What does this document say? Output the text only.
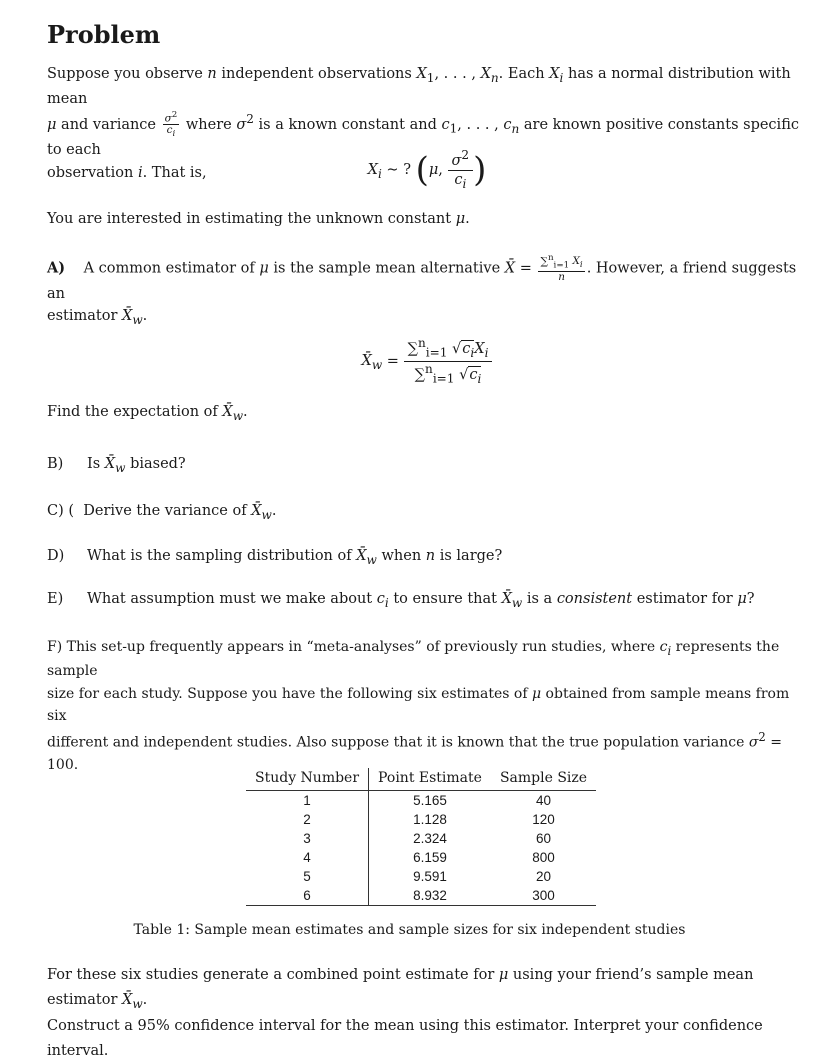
Problem
Suppose you observe n independent observations $X_1$, . . . , $X_n$. Each $X_i$ has a normal distribution with mean
μ and variance $\frac{\sigma^2}{c_i}$ where $\sigma^2$ is a known constant and $c_1$, . . . , $c_n$ are known positive constants specific to each
observation i. That is,	$X_i$ ∼ ? (μ, $\frac{\sigma^2}{c_i}$ )
You are interested in estimating the unknown constant μ.
A) A common estimator of μ is the sample mean alternative X̄ = $\frac{\sum^n_{i=1} X_i}{n}$ . However, a friend suggests an
estimator $X̄_w$.
$X̄_w = \frac{\sum^n_{i=1} √c_iX_i}{\sum^n_{i=1} √c_i}$
Find the expectation of $X̄_w$.
B) Is $X̄_w$ biased?
C) ( Derive the variance of $X̄_w$.
D) What is the sampling distribution of $X̄_w$ when n is large?
E) What assumption must we make about $c_i$ to ensure that $X̄_w$ is a consistent estimator for μ?
F) This set-up frequently appears in “meta-analyses” of previously run studies, where $c_i$ represents the sample
size for each study. Suppose you have the following six estimates of μ obtained from sample means from six
different and independent studies. Also suppose that it is known that the true population variance $\sigma^2 = 100$.
Study Number	Point Estimate	Sample Size
1	5.165	40
2	1.128	120
3	2.324	60
4	6.159	800
5	9.591	20
6	8.932	300
Table 1: Sample mean estimates and sample sizes for six independent studies
For these six studies generate a combined point estimate for μ using your friend’s sample mean estimator $X̄_w$.
Construct a 95% confidence interval for the mean using this estimator. Interpret your confidence interval.
